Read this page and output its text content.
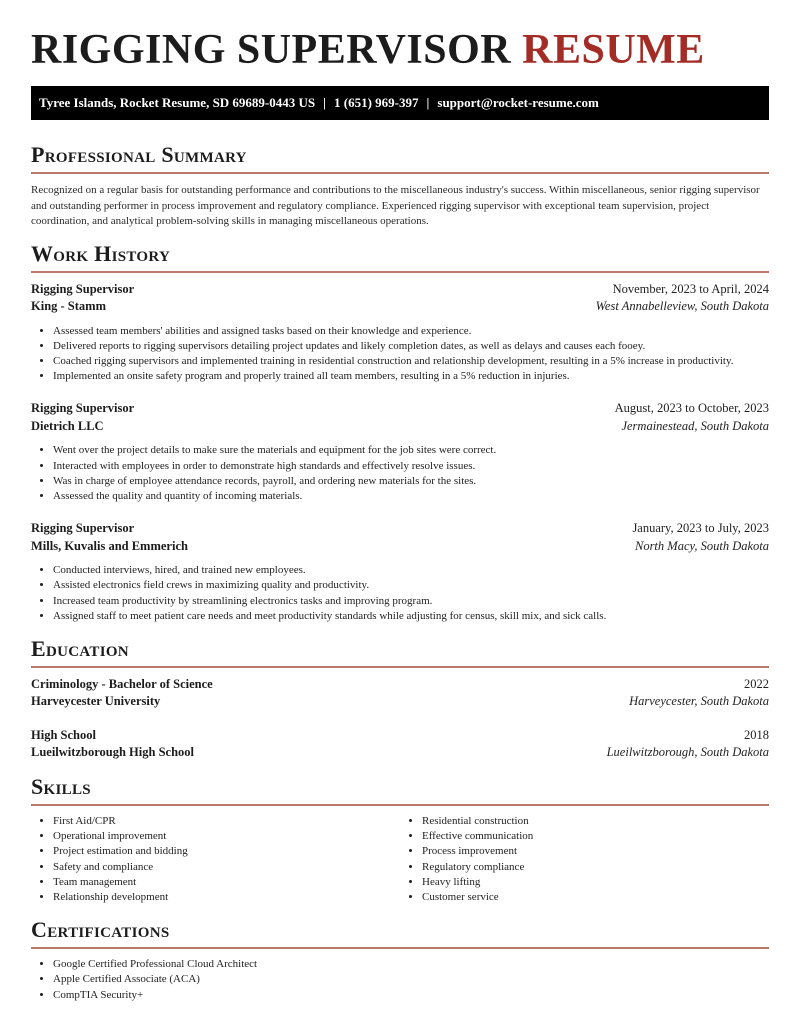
RIGGING SUPERVISOR RESUME
Tyree Islands, Rocket Resume, SD 69689-0443 US | 1 (651) 969-397 | support@rocket-resume.com
Professional Summary

Recognized on a regular basis for outstanding performance and contributions to the miscellaneous industry's success. Within miscellaneous, senior rigging supervisor and outstanding performer in process improvement and regulatory compliance. Experienced rigging supervisor with exceptional team supervision, project coordination, and analytical problem-solving skills in managing miscellaneous operations.

Work History
Rigging Supervisor	November, 2023 to April, 2024
King - Stamm	West Annabelleview, South Dakota
• Assessed team members' abilities and assigned tasks based on their knowledge and experience.
• Delivered reports to rigging supervisors detailing project updates and likely completion dates, as well as delays and causes each fooey.
• Coached rigging supervisors and implemented training in residential construction and relationship development, resulting in a 5% increase in productivity.
• Implemented an onsite safety program and properly trained all team members, resulting in a 5% reduction in injuries.
Rigging Supervisor	August, 2023 to October, 2023
Dietrich LLC	Jermainestead, South Dakota
• Went over the project details to make sure the materials and equipment for the job sites were correct.
• Interacted with employees in order to demonstrate high standards and effectively resolve issues.
• Was in charge of employee attendance records, payroll, and ordering new materials for the sites.
• Assessed the quality and quantity of incoming materials.
Rigging Supervisor	January, 2023 to July, 2023
Mills, Kuvalis and Emmerich	North Macy, South Dakota
• Conducted interviews, hired, and trained new employees.
• Assisted electronics field crews in maximizing quality and productivity.
• Increased team productivity by streamlining electronics tasks and improving program.
• Assigned staff to meet patient care needs and meet productivity standards while adjusting for census, skill mix, and sick calls.
Education
Criminology - Bachelor of Science	2022
Harveycester University	Harveycester, South Dakota
High School	2018
Lueilwitzborough High School	Lueilwitzborough, South Dakota
Skills
• First Aid/CPR
• Operational improvement
• Project estimation and bidding
• Safety and compliance
• Team management
• Relationship development
• Residential construction
• Effective communication
• Process improvement
• Regulatory compliance
• Heavy lifting
• Customer service
Certifications
• Google Certified Professional Cloud Architect
• Apple Certified Associate (ACA)
• CompTIA Security+
